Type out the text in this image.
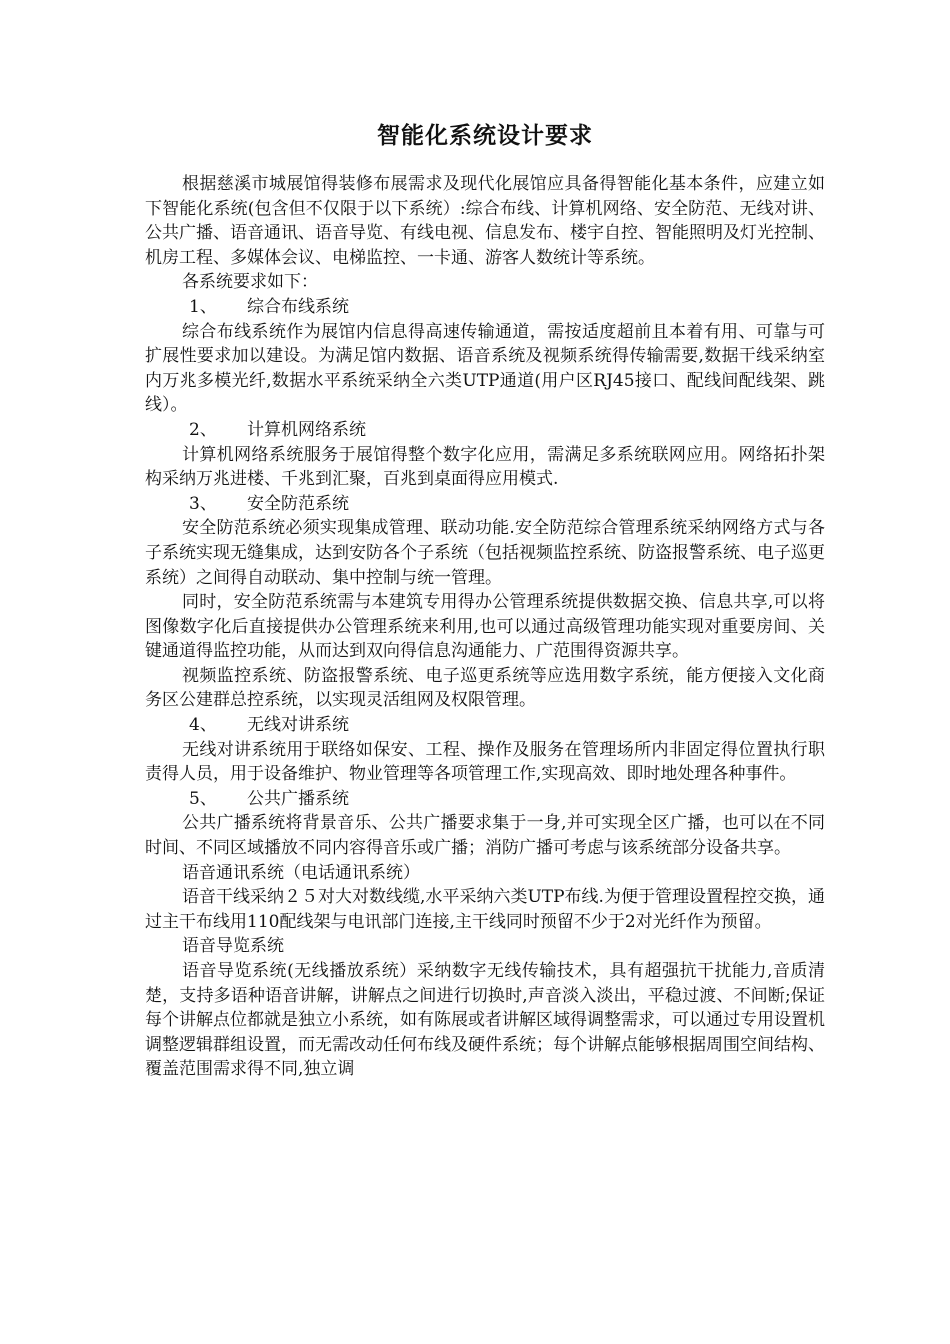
智能化系统设计要求

根据慈溪市城展馆得装修布展需求及现代化展馆应具备得智能化基本条件，应建立如下智能化系统(包含但不仅限于以下系统）:综合布线、计算机网络、安全防范、无线对讲、公共广播、语音通讯、语音导览、有线电视、信息发布、楼宇自控、智能照明及灯光控制、机房工程、多媒体会议、电梯监控、一卡通、游客人数统计等系统。

各系统要求如下：

1、 综合布线系统

综合布线系统作为展馆内信息得高速传输通道，需按适度超前且本着有用、可靠与可扩展性要求加以建设。为满足馆内数据、语音系统及视频系统得传输需要,数据干线采纳室内万兆多模光纤,数据水平系统采纳全六类UTP通道(用户区RJ45接口、配线间配线架、跳线）。

2、 计算机网络系统

计算机网络系统服务于展馆得整个数字化应用，需满足多系统联网应用。网络拓扑架构采纳万兆进楼、千兆到汇聚，百兆到桌面得应用模式.

3、 安全防范系统

安全防范系统必须实现集成管理、联动功能.安全防范综合管理系统采纳网络方式与各子系统实现无缝集成，达到安防各个子系统（包括视频监控系统、防盗报警系统、电子巡更系统）之间得自动联动、集中控制与统一管理。

同时，安全防范系统需与本建筑专用得办公管理系统提供数据交换、信息共享,可以将图像数字化后直接提供办公管理系统来利用,也可以通过高级管理功能实现对重要房间、关键通道得监控功能，从而达到双向得信息沟通能力、广范围得资源共享。

视频监控系统、防盗报警系统、电子巡更系统等应选用数字系统，能方便接入文化商务区公建群总控系统，以实现灵活组网及权限管理。

4、 无线对讲系统

无线对讲系统用于联络如保安、工程、操作及服务在管理场所内非固定得位置执行职责得人员，用于设备维护、物业管理等各项管理工作,实现高效、即时地处理各种事件。

5、 公共广播系统

公共广播系统将背景音乐、公共广播要求集于一身,并可实现全区广播，也可以在不同时间、不同区域播放不同内容得音乐或广播；消防广播可考虑与该系统部分设备共享。

语音通讯系统（电话通讯系统）

语音干线采纳２５对大对数线缆,水平采纳六类UTP布线.为便于管理设置程控交换，通过主干布线用110配线架与电讯部门连接,主干线同时预留不少于2对光纤作为预留。

语音导览系统

语音导览系统(无线播放系统）采纳数字无线传输技术，具有超强抗干扰能力,音质清楚，支持多语种语音讲解，讲解点之间进行切换时,声音淡入淡出，平稳过渡、不间断;保证每个讲解点位都就是独立小系统，如有陈展或者讲解区域得调整需求，可以通过专用设置机调整逻辑群组设置，而无需改动任何布线及硬件系统；每个讲解点能够根据周围空间结构、覆盖范围需求得不同,独立调
